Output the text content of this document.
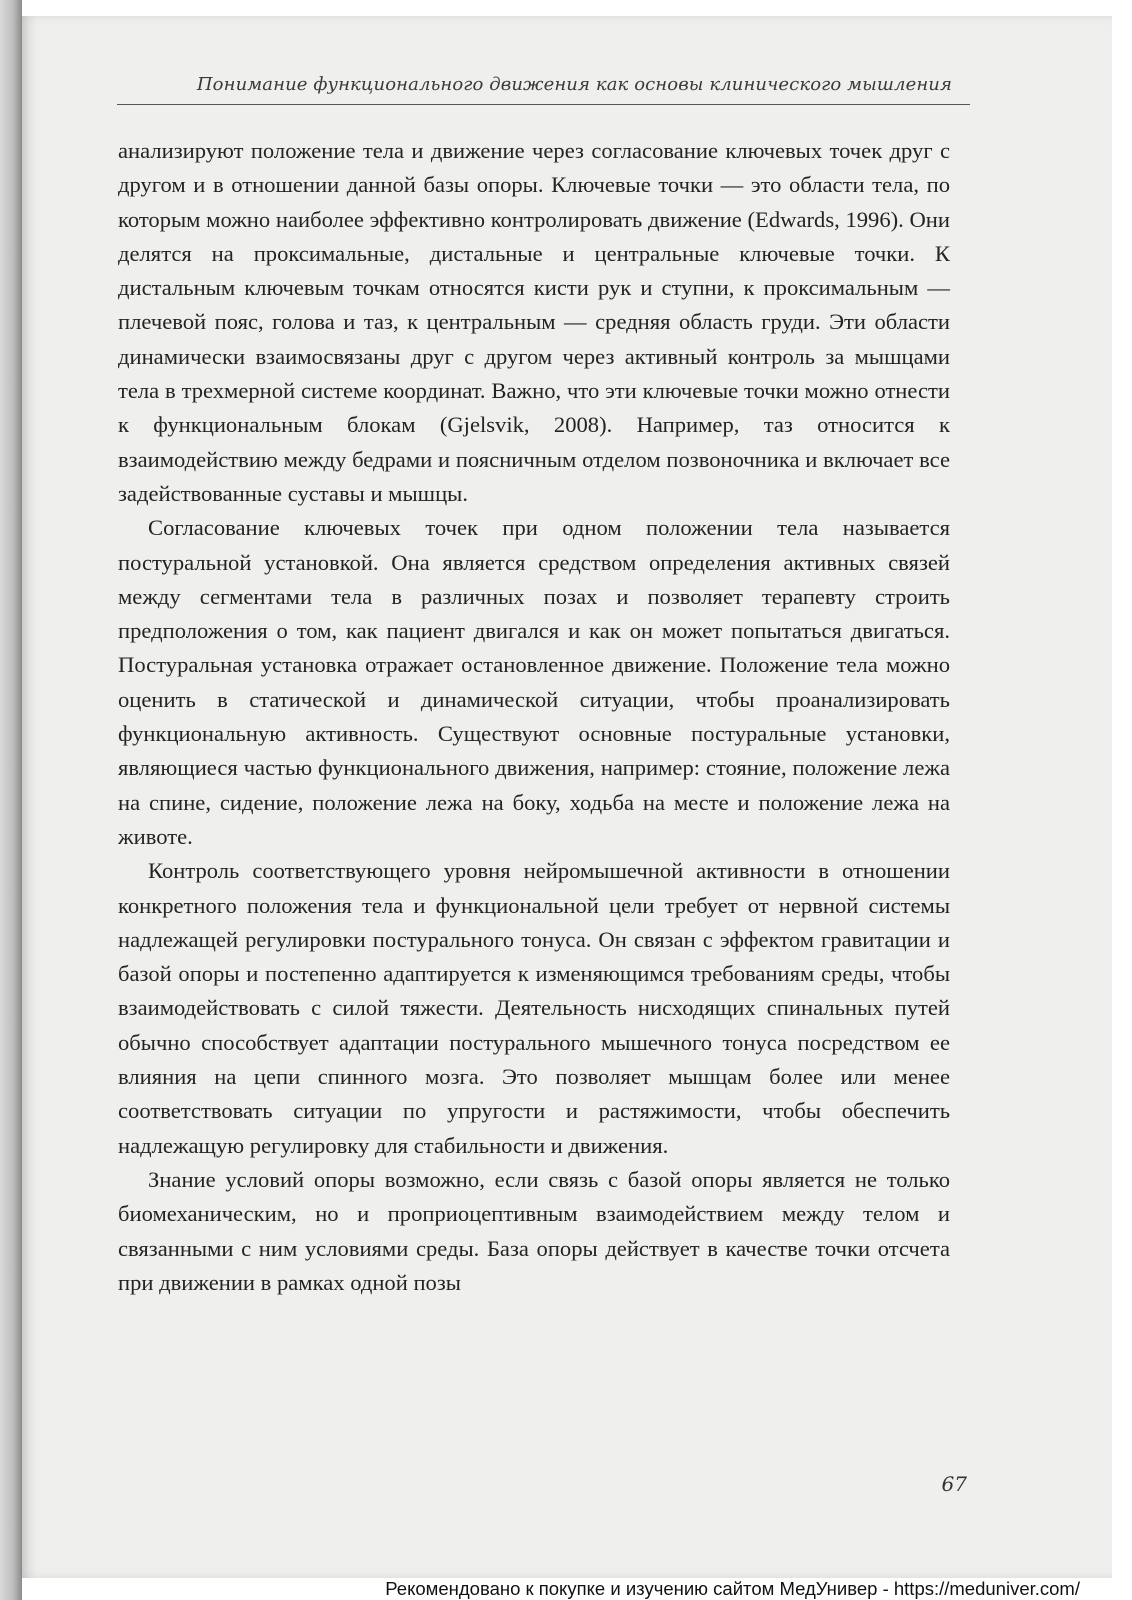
Понимание функционального движения как основы клинического мышления

анализируют положение тела и движение через согласование ключевых точек друг с другом и в отношении данной базы опоры. Ключевые точки — это области тела, по которым можно наиболее эффективно контролировать движение (Edwards, 1996). Они делятся на проксимальные, дистальные и центральные ключевые точки. К дистальным ключевым точкам относятся кисти рук и ступни, к проксимальным — плечевой пояс, голова и таз, к центральным — средняя область груди. Эти области динамически взаимосвязаны друг с другом через активный контроль за мышцами тела в трехмерной системе координат. Важно, что эти ключевые точки можно отнести к функциональным блокам (Gjelsvik, 2008). Например, таз относится к взаимодействию между бедрами и поясничным отделом позвоночника и включает все задействованные суставы и мышцы.

Согласование ключевых точек при одном положении тела называется постуральной установкой. Она является средством определения активных связей между сегментами тела в различных позах и позволяет терапевту строить предположения о том, как пациент двигался и как он может попытаться двигаться. Постуральная установка отражает остановленное движение. Положение тела можно оценить в статической и динамической ситуации, чтобы проанализировать функциональную активность. Существуют основные постуральные установки, являющиеся частью функционального движения, например: стояние, положение лежа на спине, сидение, положение лежа на боку, ходьба на месте и положение лежа на животе.

Контроль соответствующего уровня нейромышечной активности в отношении конкретного положения тела и функциональной цели требует от нервной системы надлежащей регулировки постурального тонуса. Он связан с эффектом гравитации и базой опоры и постепенно адаптируется к изменяющимся требованиям среды, чтобы взаимодействовать с силой тяжести. Деятельность нисходящих спинальных путей обычно способствует адаптации постурального мышечного тонуса посредством ее влияния на цепи спинного мозга. Это позволяет мышцам более или менее соответствовать ситуации по упругости и растяжимости, чтобы обеспечить надлежащую регулировку для стабильности и движения.

Знание условий опоры возможно, если связь с базой опоры является не только биомеханическим, но и проприоцептивным взаимодействием между телом и связанными с ним условиями среды. База опоры действует в качестве точки отсчета при движении в рамках одной позы

67
Рекомендовано к покупке и изучению сайтом МедУнивер - https://meduniver.com/
